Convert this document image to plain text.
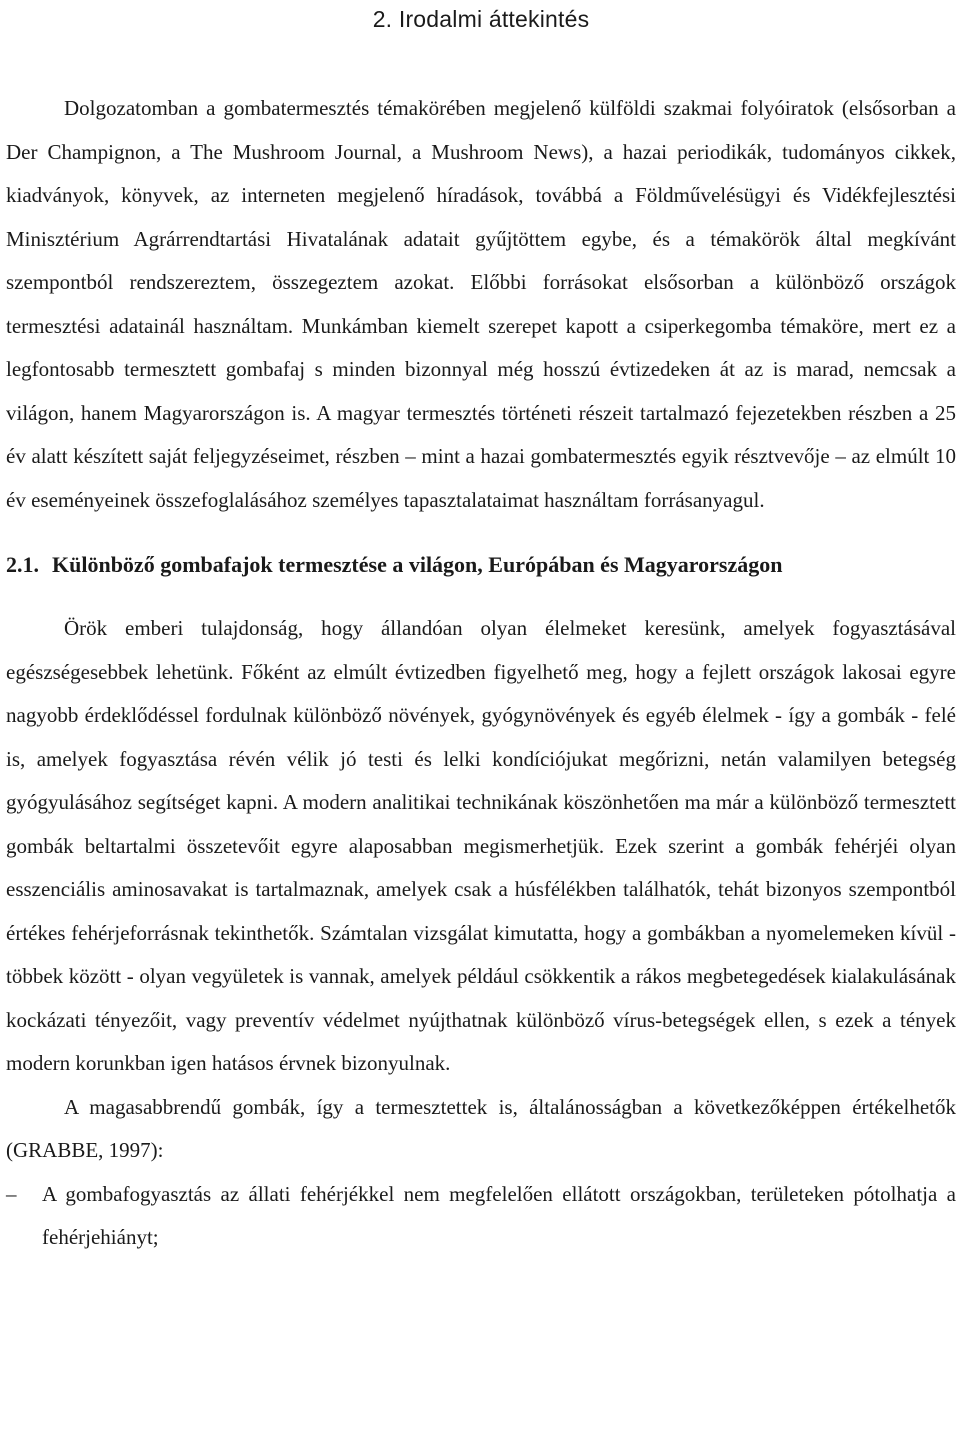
2. Irodalmi áttekintés

Dolgozatomban a gombatermesztés témakörében megjelenő külföldi szakmai folyóiratok (elsősorban a Der Champignon, a The Mushroom Journal, a Mushroom News), a hazai periodikák, tudományos cikkek, kiadványok, könyvek, az interneten megjelenő híradások, továbbá a Földművelésügyi és Vidékfejlesztési Minisztérium Agrárrendtartási Hivatalának adatait gyűjtöttem egybe, és a témakörök által megkívánt szempontból rendszereztem, összegeztem azokat. Előbbi forrásokat elsősorban a különböző országok termesztési adatainál használtam. Munkámban kiemelt szerepet kapott a csiperkegomba témaköre, mert ez a legfontosabb termesztett gombafaj s minden bizonnyal még hosszú évtizedeken át az is marad, nemcsak a világon, hanem Magyarországon is. A magyar termesztés történeti részeit tartalmazó fejezetekben részben a 25 év alatt készített saját feljegyzéseimet, részben – mint a hazai gombatermesztés egyik résztvevője – az elmúlt 10 év eseményeinek összefoglalásához személyes tapasztalataimat használtam forrásanyagul.

2.1. Különböző gombafajok termesztése a világon, Európában és Magyarországon

Örök emberi tulajdonság, hogy állandóan olyan élelmeket keresünk, amelyek fogyasztásával egészségesebbek lehetünk. Főként az elmúlt évtizedben figyelhető meg, hogy a fejlett országok lakosai egyre nagyobb érdeklődéssel fordulnak különböző növények, gyógynövények és egyéb élelmek - így a gombák - felé is, amelyek fogyasztása révén vélik jó testi és lelki kondíciójukat megőrizni, netán valamilyen betegség gyógyulásához segítséget kapni. A modern analitikai technikának köszönhetően ma már a különböző termesztett gombák beltartalmi összetevőit egyre alaposabban megismerhetjük. Ezek szerint a gombák fehérjéi olyan esszenciális aminosavakat is tartalmaznak, amelyek csak a húsfélékben találhatók, tehát bizonyos szempontból értékes fehérjeforrásnak tekinthetők. Számtalan vizsgálat kimutatta, hogy a gombákban a nyomelemeken kívül - többek között - olyan vegyületek is vannak, amelyek például csökkentik a rákos megbetegedések kialakulásának kockázati tényezőit, vagy preventív védelmet nyújthatnak különböző vírus-betegségek ellen, s ezek a tények modern korunkban igen hatásos érvnek bizonyulnak.

A magasabbrendű gombák, így a termesztettek is, általánosságban a következőképpen értékelhetők (GRABBE, 1997):

– A gombafogyasztás az állati fehérjékkel nem megfelelően ellátott országokban, területeken pótolhatja a fehérjehiányt;
